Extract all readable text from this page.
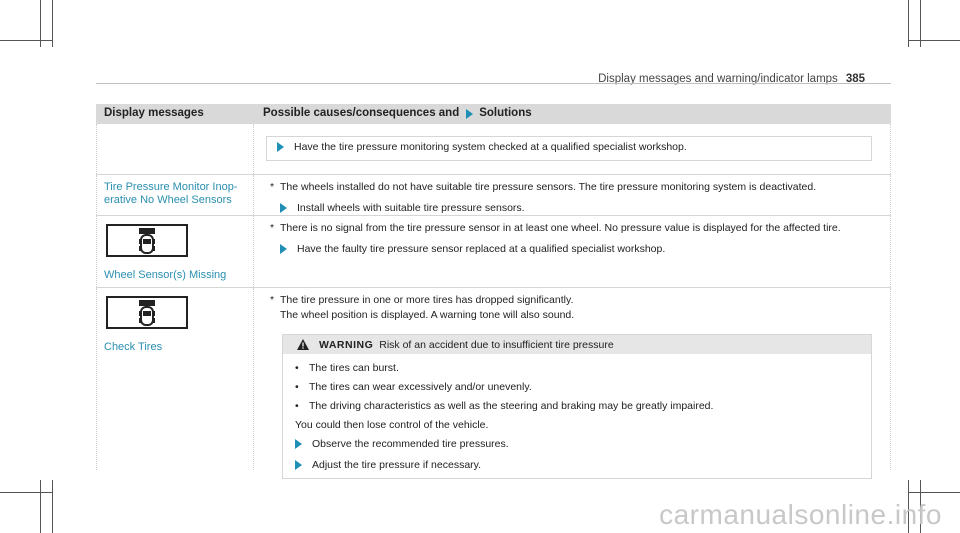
Display messages and warning/indicator lamps 385
Display messages	Possible causes/consequences and Solutions
Have the tire pressure monitoring system checked at a qualified specialist workshop.
Tire Pressure Monitor Inop-erative No Wheel Sensors
* The wheels installed do not have suitable tire pressure sensors. The tire pressure monitoring system is deactivated.
Install wheels with suitable tire pressure sensors.
Wheel Sensor(s) Missing
* There is no signal from the tire pressure sensor in at least one wheel. No pressure value is displayed for the affected tire.
Have the faulty tire pressure sensor replaced at a qualified specialist workshop.
Check Tires
* The tire pressure in one or more tires has dropped significantly.
The wheel position is displayed. A warning tone will also sound.
WARNING Risk of an accident due to insufficient tire pressure
• The tires can burst.
• The tires can wear excessively and/or unevenly.
• The driving characteristics as well as the steering and braking may be greatly impaired.
You could then lose control of the vehicle.
Observe the recommended tire pressures.
Adjust the tire pressure if necessary.
carmanualsonline.info
